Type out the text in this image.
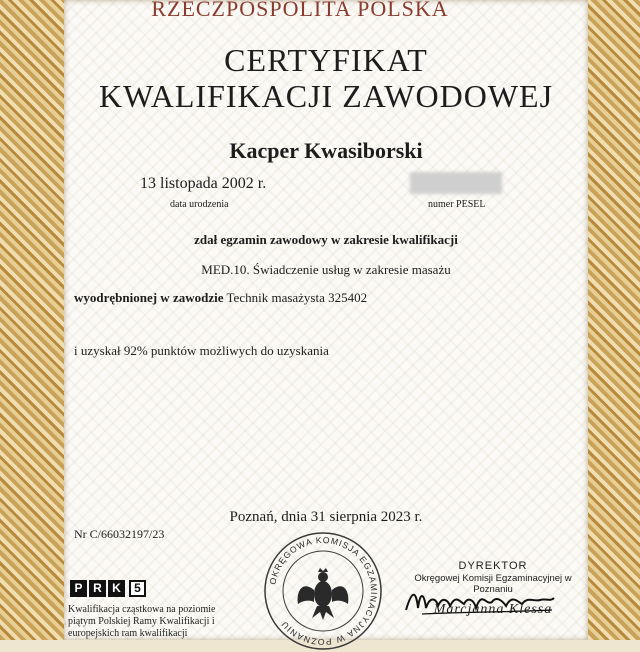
RZECZPOSPOLITA POLSKA
CERTYFIKAT
KWALIFIKACJI ZAWODOWEJ
Kacper Kwasiborski
13 listopada 2002 r.
data urodzenia	numer PESEL
zdał egzamin zawodowy w zakresie kwalifikacji
MED.10. Świadczenie usług w zakresie masażu
wyodrębnionej w zawodzie Technik masażysta 325402
i uzyskał 92% punktów możliwych do uzyskania
Poznań, dnia 31 sierpnia 2023 r.
Nr C/66032197/23
P R K	5
Kwalifikacja cząstkowa na poziomie piątym Polskiej Ramy Kwalifikacji i europejskich ram kwalifikacji
OKRĘGOWA KOMISJA EGZAMINACYJNA W POZNANIU
DYREKTOR
Okręgowej Komisji Egzaminacyjnej w Poznaniu
Marcjanna Klessa
